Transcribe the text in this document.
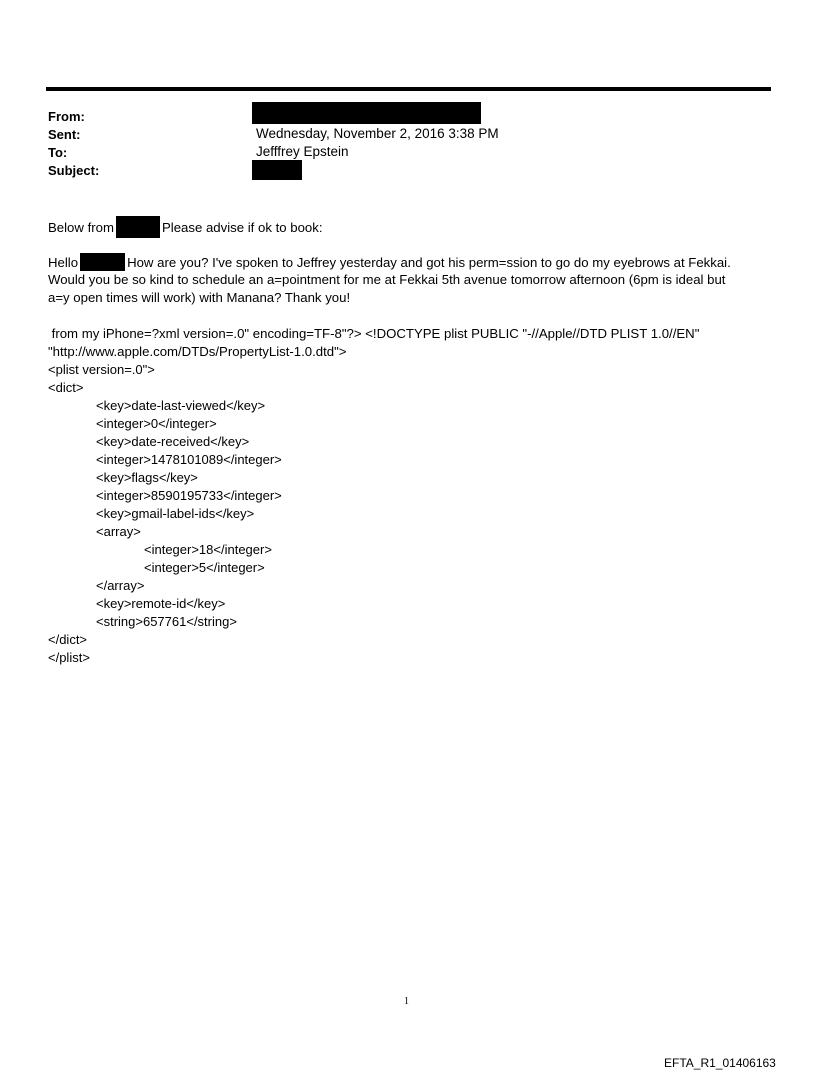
From:
Sent:	Wednesday, November 2, 2016 3:38 PM
To:	Jefffrey Epstein
Subject:
Below from	Please advise if ok to book:
Hello	How are you? I've spoken to Jeffrey yesterday and got his perm=ssion to go do my eyebrows at Fekkai.
Would you be so kind to schedule an a=pointment for me at Fekkai 5th avenue tomorrow afternoon (6pm is ideal but
a=y open times will work) with Manana? Thank you!
from my iPhone=?xml version=.0" encoding=TF-8"?> <!DOCTYPE plist PUBLIC "-//Apple//DTD PLIST 1.0//EN"
"http://www.apple.com/DTDs/PropertyList-1.0.dtd">
<plist version=.0">
<dict>
<key>date-last-viewed</key>
<integer>0</integer>
<key>date-received</key>
<integer>1478101089</integer>
<key>flags</key>
<integer>8590195733</integer>
<key>gmail-label-ids</key>
<array>
<integer>18</integer>
<integer>5</integer>
</array>
<key>remote-id</key>
<string>657761</string>
</dict>
</plist>
1
EFTA_R1_01406163
